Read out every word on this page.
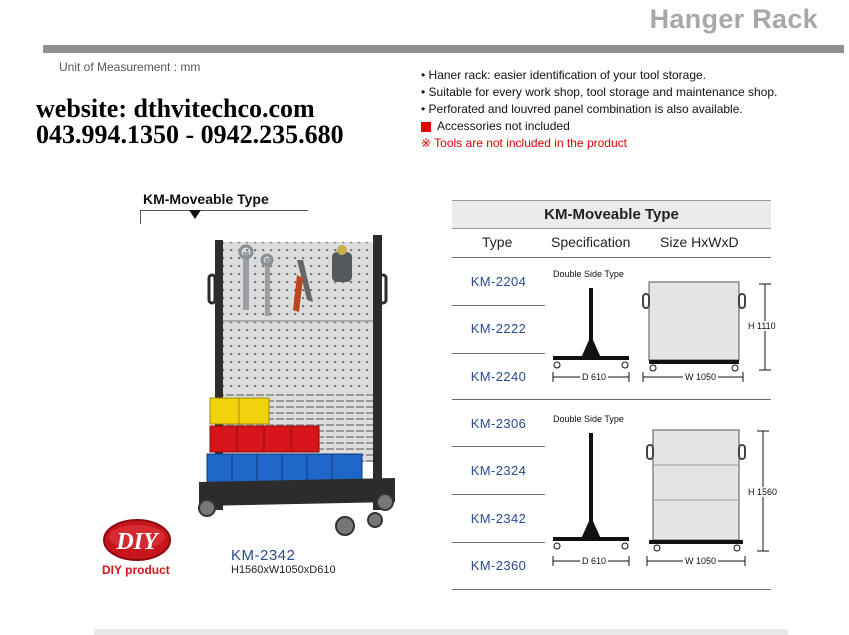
Hanger Rack
Unit of Measurement : mm
website: dthvitechco.com
043.994.1350 - 0942.235.680
• Haner rack: easier identification of your tool storage.
• Suitable for every work shop, tool storage and maintenance shop.
• Perforated and louvred panel combination is also available.
Accessories not included
※ Tools are not included in the product
KM-Moveable Type
DIY
DIY product
KM-2342
H1560xW1050xD610
KM-Moveable Type
Type	Specification Size HxWxD
KM-2204
KM-2222
KM-2240
Double Side Type
D 610	W 1050
H 1110
KM-2306
KM-2324
KM-2342
KM-2360
Double Side Type
D 610	W 1050
H 1560
